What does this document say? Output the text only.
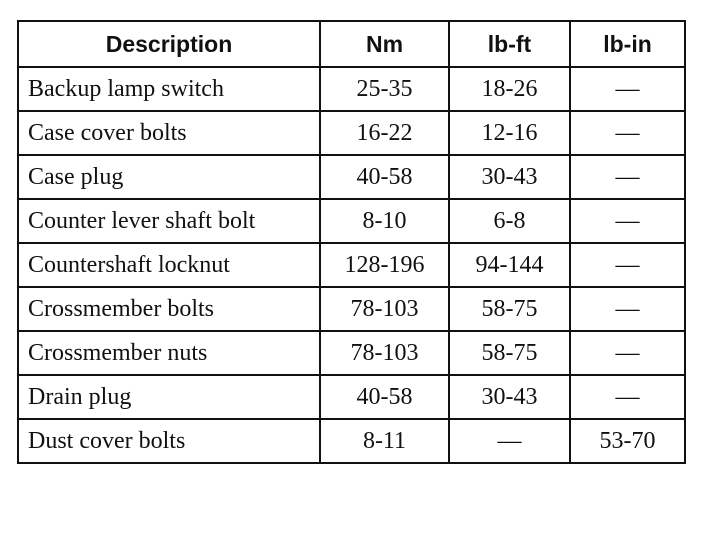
Description	Nm	lb-ft	lb-in
Backup lamp switch	25-35	18-26	—
Case cover bolts	16-22	12-16	—
Case plug	40-58	30-43	—
Counter lever shaft bolt	8-10	6-8	—
Countershaft locknut	128-196	94-144	—
Crossmember bolts	78-103	58-75	—
Crossmember nuts	78-103	58-75	—
Drain plug	40-58	30-43	—
Dust cover bolts	8-11	—	53-70
